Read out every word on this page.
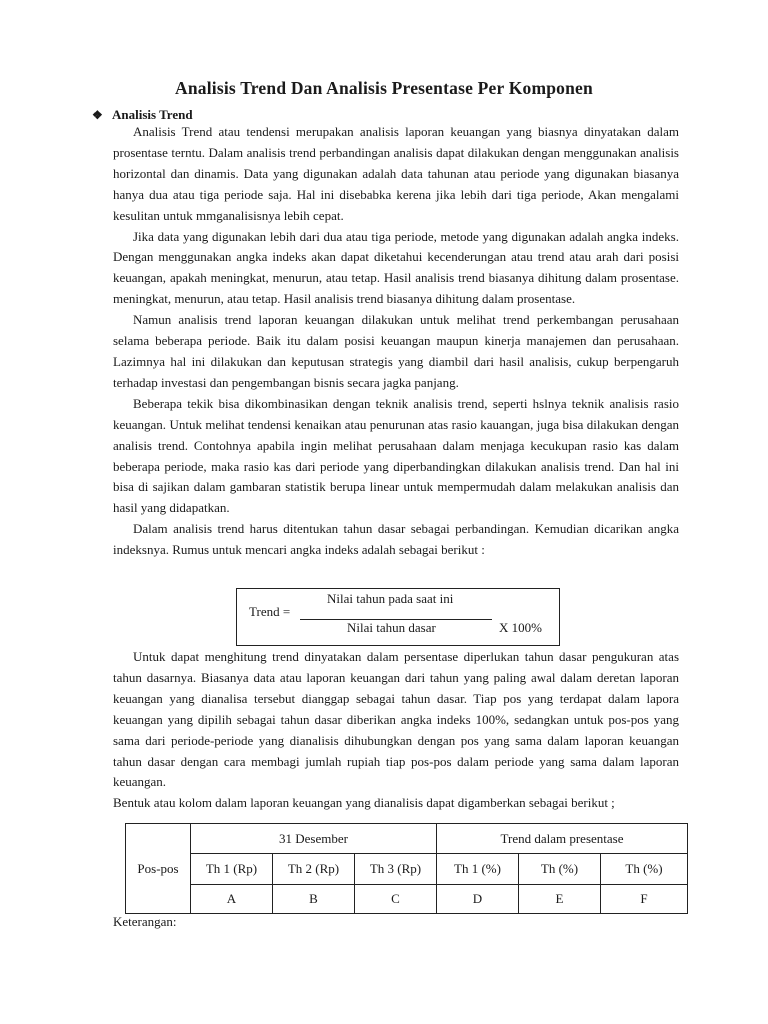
Analisis Trend Dan Analisis Presentase Per Komponen
❖ Analisis Trend

Analisis Trend atau tendensi merupakan analisis laporan keuangan yang biasnya dinyatakan dalam prosentase terntu. Dalam analisis trend perbandingan analisis dapat dilakukan dengan menggunakan analisis horizontal dan dinamis. Data yang digunakan adalah data tahunan atau periode yang digunakan biasanya hanya dua atau tiga periode saja. Hal ini disebabka kerena jika lebih dari tiga periode, Akan mengalami kesulitan untuk mmganalisisnya lebih cepat.

Jika data yang digunakan lebih dari dua atau tiga periode, metode yang digunakan adalah angka indeks. Dengan menggunakan angka indeks akan dapat diketahui kecenderungan atau trend atau arah dari posisi keuangan, apakah meningkat, menurun, atau tetap. Hasil analisis trend biasanya dihitung dalam prosentase. meningkat, menurun, atau tetap. Hasil analisis trend biasanya dihitung dalam prosentase.

Namun analisis trend laporan keuangan dilakukan untuk melihat trend perkembangan perusahaan selama beberapa periode. Baik itu dalam posisi keuangan maupun kinerja manajemen dan perusahaan. Lazimnya hal ini dilakukan dan keputusan strategis yang diambil dari hasil analisis, cukup berpengaruh terhadap investasi dan pengembangan bisnis secara jagka panjang.

Beberapa tekik bisa dikombinasikan dengan teknik analisis trend, seperti hslnya teknik analisis rasio keuangan. Untuk melihat tendensi kenaikan atau penurunan atas rasio kauangan, juga bisa dilakukan dengan analisis trend. Contohnya apabila ingin melihat perusahaan dalam menjaga kecukupan rasio kas dalam beberapa periode, maka rasio kas dari periode yang diperbandingkan dilakukan analisis trend. Dan hal ini bisa di sajikan dalam gambaran statistik berupa linear untuk mempermudah dalam melakukan analisis dan hasil yang didapatkan.

Dalam analisis trend harus ditentukan tahun dasar sebagai perbandingan. Kemudian dicarikan angka indeksnya. Rumus untuk mencari angka indeks adalah sebagai berikut :

Nilai tahun pada saat ini
Trend =
Nilai tahun dasar	X 100%

Untuk dapat menghitung trend dinyatakan dalam persentase diperlukan tahun dasar pengukuran atas tahun dasarnya. Biasanya data atau laporan keuangan dari tahun yang paling awal dalam deretan laporan keuangan yang dianalisa tersebut dianggap sebagai tahun dasar. Tiap pos yang terdapat dalam lapora keuangan yang dipilih sebagai tahun dasar diberikan angka indeks 100%, sedangkan untuk pos-pos yang sama dari periode-periode yang dianalisis dihubungkan dengan pos yang sama dalam laporan keuangan tahun dasar dengan cara membagi jumlah rupiah tiap pos-pos dalam periode yang sama dalam laporan keuangan.

Bentuk atau kolom dalam laporan keuangan yang dianalisis dapat digamberkan sebagai berikut ;

Pos-pos	31 Desember			Trend dalam presentase		
	Th 1 (Rp)	Th 2 (Rp)	Th 3 (Rp)	Th 1 (%)	Th (%)	Th (%)
	A	B	C	D	E	F
Keterangan:
